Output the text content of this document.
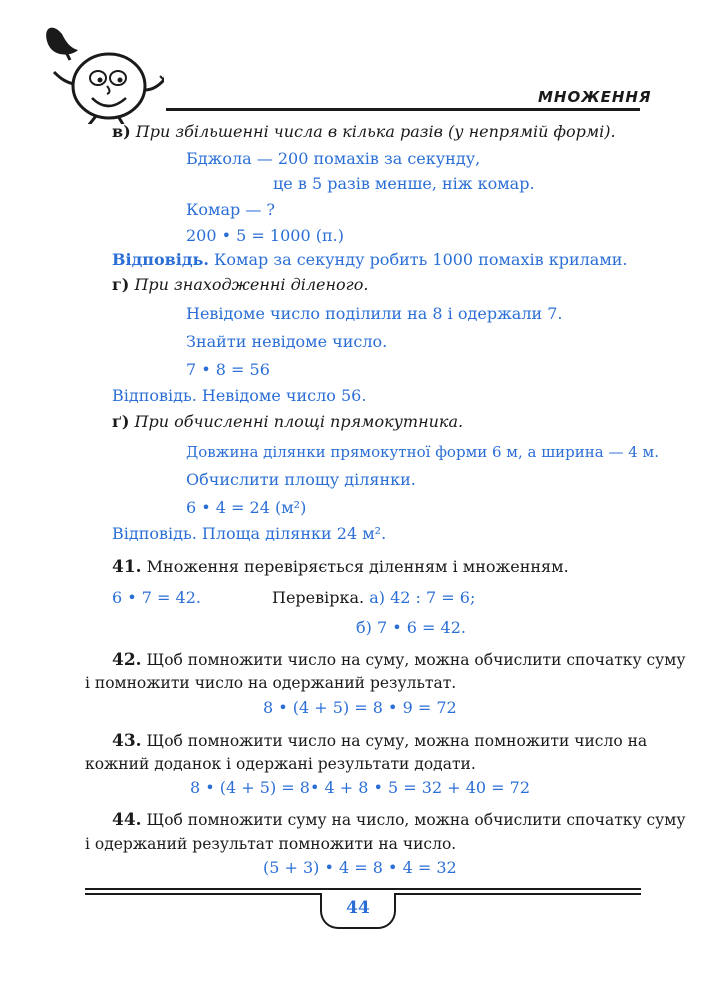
МНОЖЕННЯ
в) При збільшенні числа в кілька разів (у непрямій формі).
Бджола — 200 помахів за секунду,
це в 5 разів менше, ніж комар.
Комар — ?
200 • 5 = 1000 (п.)
Відповідь. Комар за секунду робить 1000 помахів крилами.
г) При знаходженні діленого.
Невідоме число поділили на 8 і одержали 7.
Знайти невідоме число.
7 • 8 = 56
Відповідь. Невідоме число 56.
ґ) При обчисленні площі прямокутника.
Довжина ділянки прямокутної форми 6 м, а ширина — 4 м.
Обчислити площу ділянки.
6 • 4 = 24 (м²)
Відповідь. Площа ділянки 24 м².
41. Множення перевіряється діленням і множенням.
6 • 7 = 42.	Перевірка. а) 42 : 7 = 6;
б) 7 • 6 = 42.
42. Щоб помножити число на суму, можна обчислити спочатку суму
і помножити число на одержаний результат.
8 • (4 + 5) = 8 • 9 = 72
43. Щоб помножити число на суму, можна помножити число на
кожний доданок і одержані результати додати.
8 • (4 + 5) = 8• 4 + 8 • 5 = 32 + 40 = 72
44. Щоб помножити суму на число, можна обчислити спочатку суму
і одержаний результат помножити на число.
(5 + 3) • 4 = 8 • 4 = 32
44
